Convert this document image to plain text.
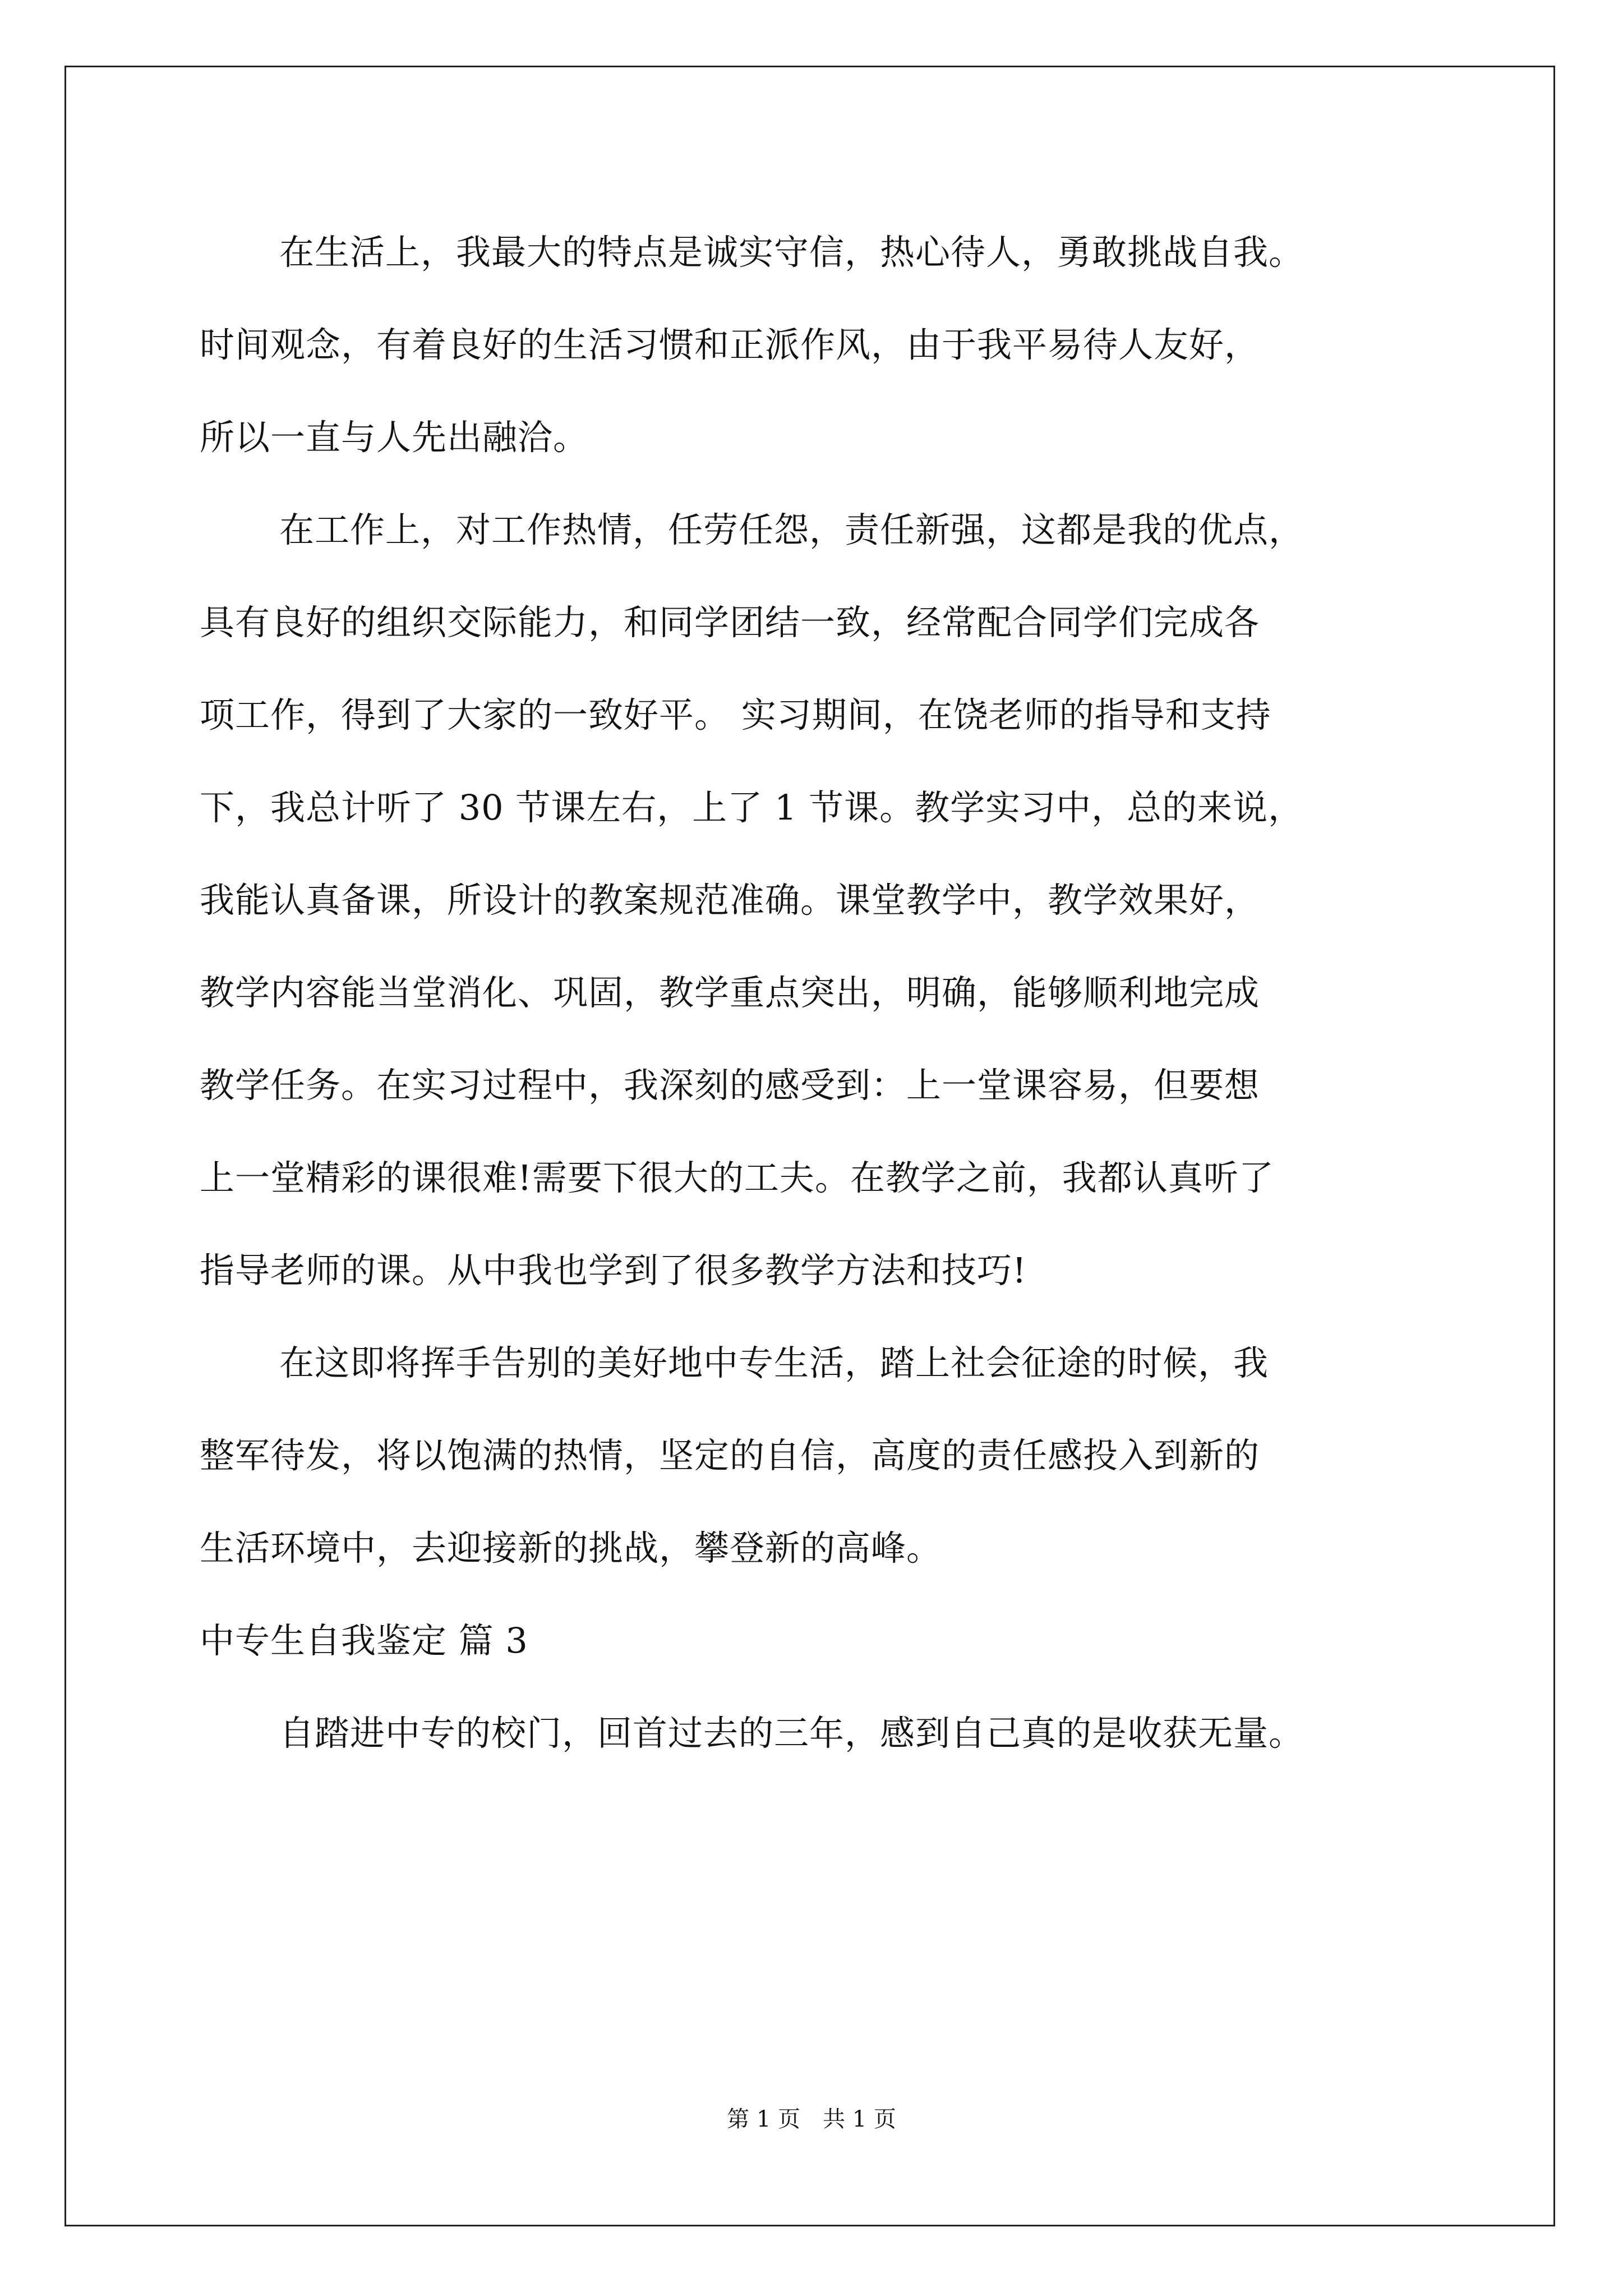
在生活上，我最大的特点是诚实守信，热心待人，勇敢挑战自我。
时间观念，有着良好的生活习惯和正派作风，由于我平易待人友好，
所以一直与人先出融洽。
在工作上，对工作热情，任劳任怨，责任新强，这都是我的优点，
具有良好的组织交际能力，和同学团结一致，经常配合同学们完成各
项工作，得到了大家的一致好平。 实习期间，在饶老师的指导和支持
下，我总计听了 30 节课左右，上了 1 节课。教学实习中，总的来说，
我能认真备课，所设计的教案规范准确。课堂教学中，教学效果好，
教学内容能当堂消化、巩固，教学重点突出，明确，能够顺利地完成
教学任务。在实习过程中，我深刻的感受到：上一堂课容易，但要想
上一堂精彩的课很难!需要下很大的工夫。在教学之前，我都认真听了
指导老师的课。从中我也学到了很多教学方法和技巧!
在这即将挥手告别的美好地中专生活，踏上社会征途的时候，我
整军待发，将以饱满的热情，坚定的自信，高度的责任感投入到新的
生活环境中，去迎接新的挑战，攀登新的高峰。
中专生自我鉴定 篇 3
自踏进中专的校门，回首过去的三年，感到自己真的是收获无量。
第 1 页　共 1 页
